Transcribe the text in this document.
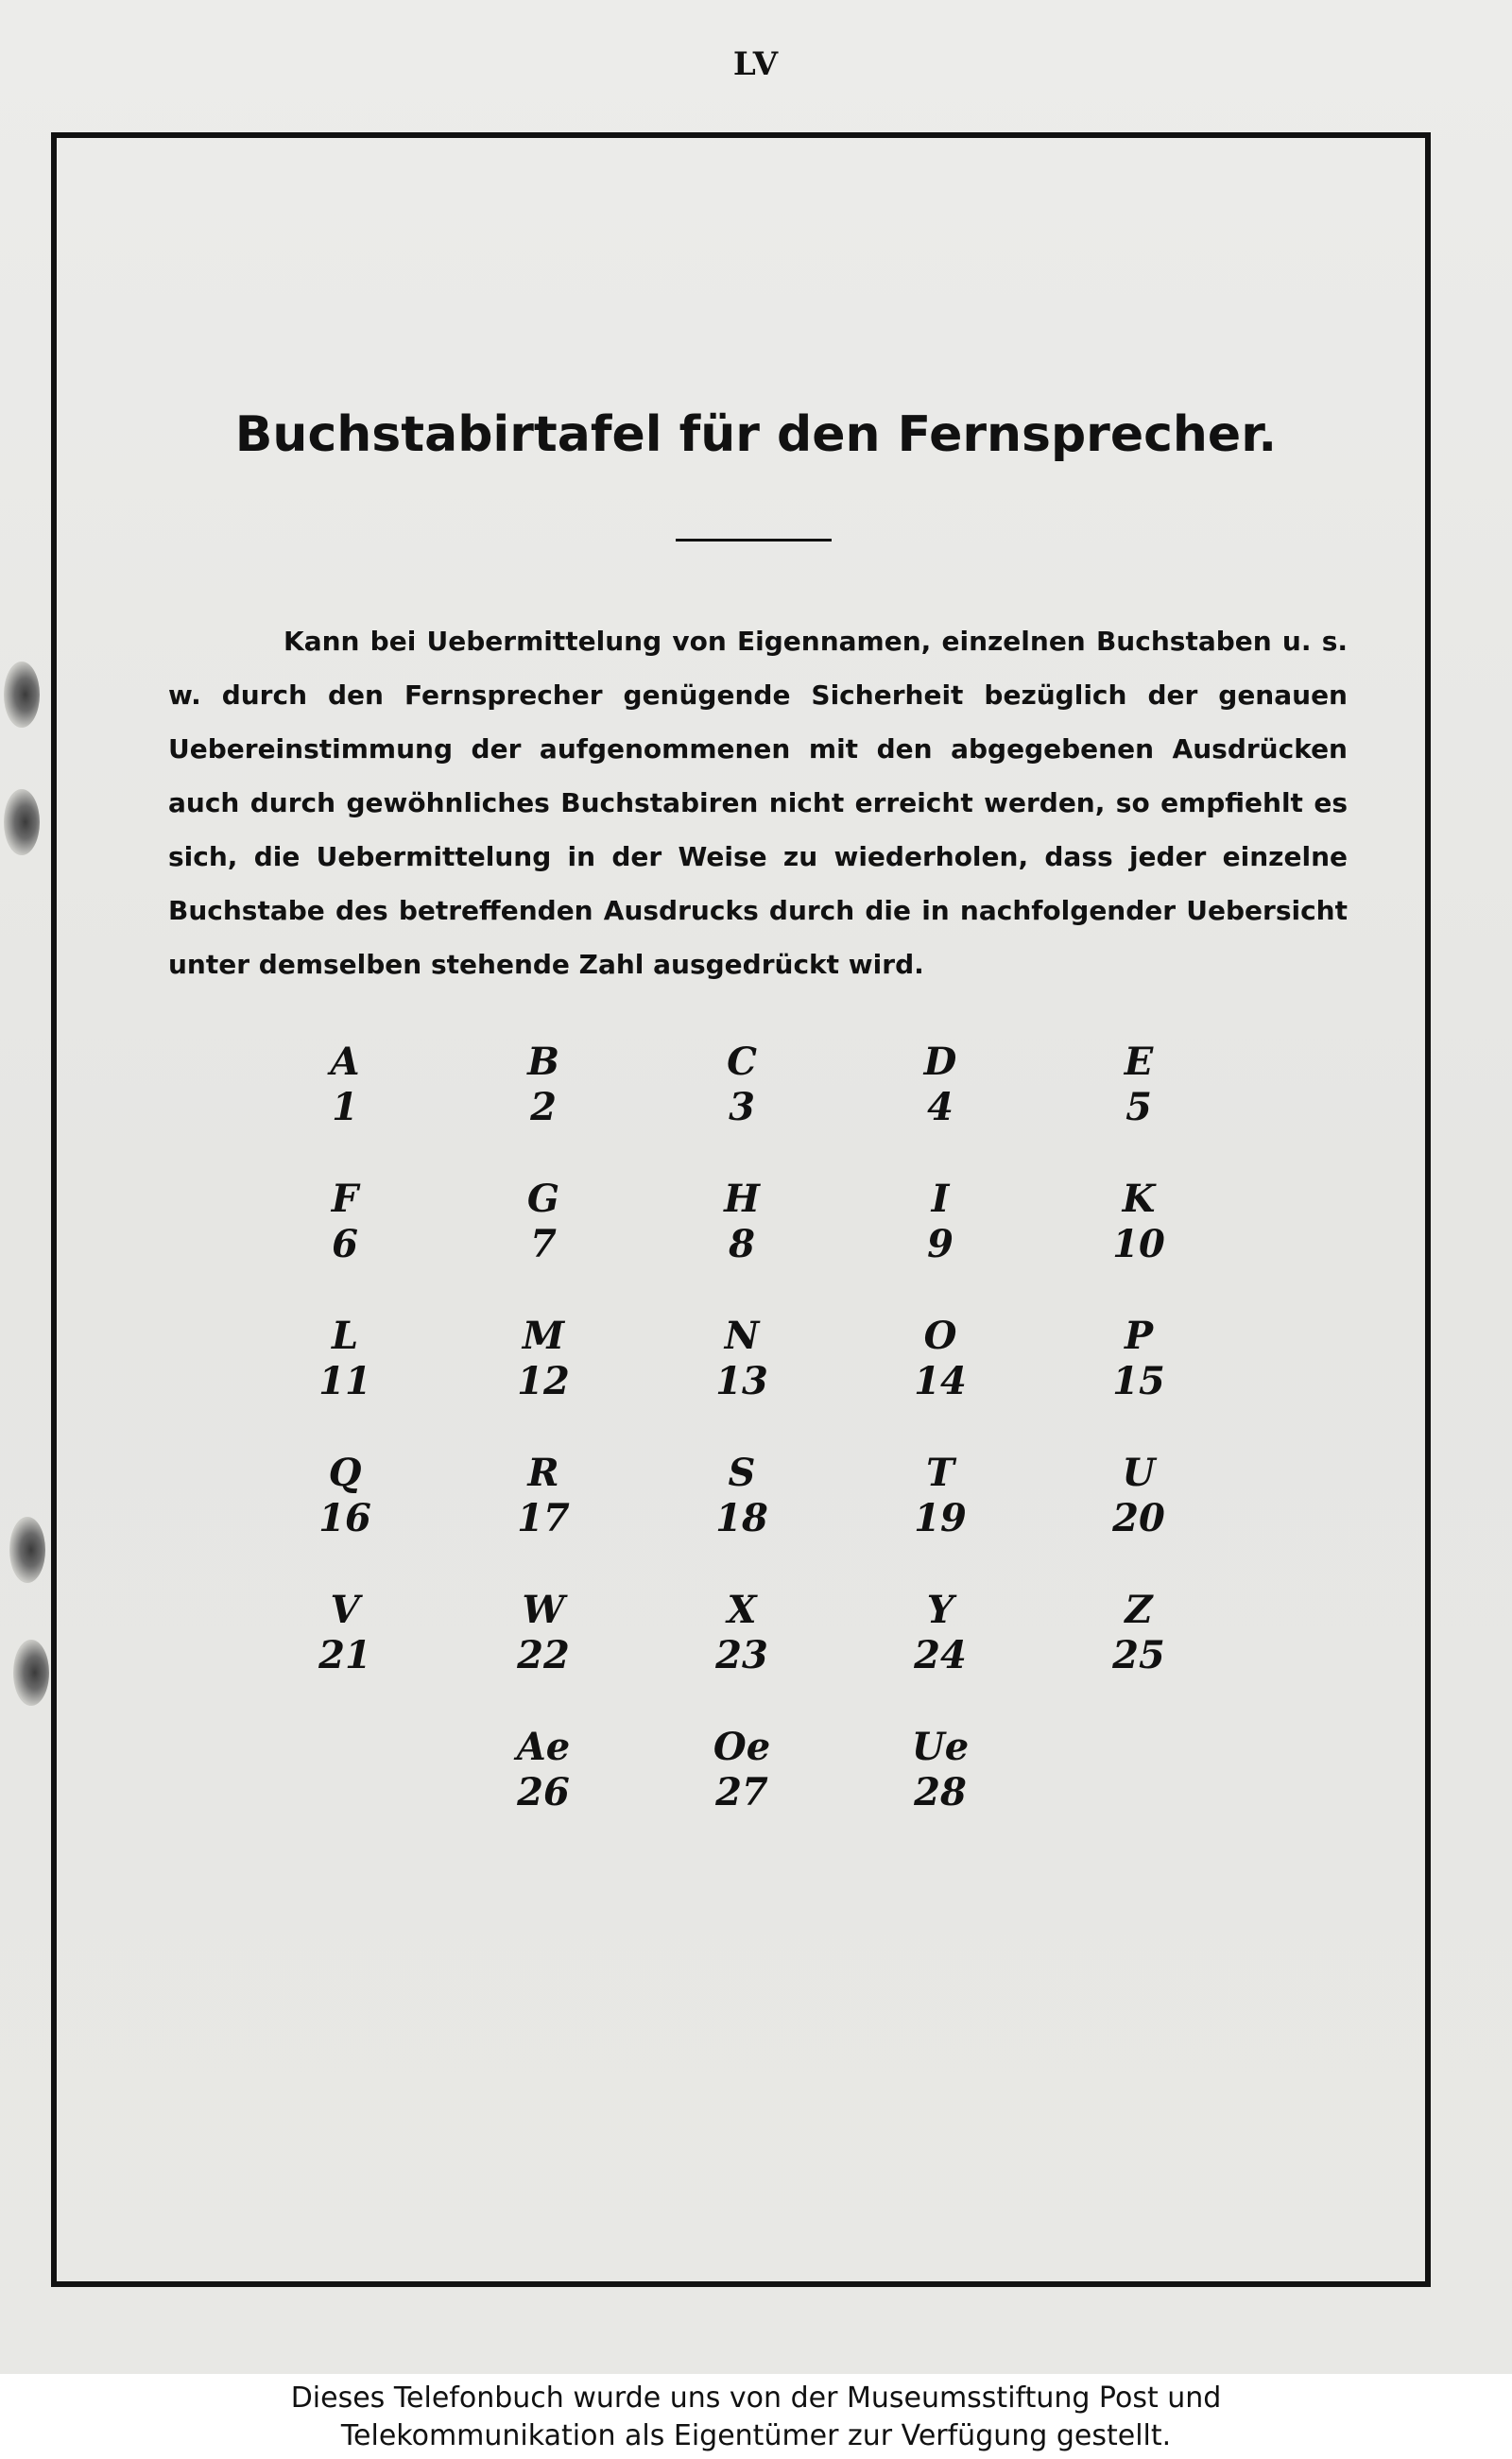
LV
Buchstabirtafel für den Fernsprecher.
Kann bei Uebermittelung von Eigennamen, einzelnen Buchstaben u. s. w. durch den Fernsprecher genügende Sicherheit bezüglich der genauen Uebereinstimmung der aufgenommenen mit den abgegebenen Ausdrücken auch durch gewöhnliches Buchstabiren nicht erreicht werden, so empfiehlt es sich, die Uebermittelung in der Weise zu wiederholen, dass jeder einzelne Buchstabe des betreffenden Ausdrucks durch die in nachfolgender Uebersicht unter demselben stehende Zahl ausgedrückt wird.
A
1
B
2
C
3
D
4
E
5
F
6
G
7
H
8
I
9
K
10
L
11
M
12
N
13
O
14
P
15
Q
16
R
17
S
18
T
19
U
20
V
21
W
22
X
23
Y
24
Z
25
Ae
26
Oe
27
Ue
28
Dieses Telefonbuch wurde uns von der Museumsstiftung Post und
Telekommunikation als Eigentümer zur Verfügung gestellt.
